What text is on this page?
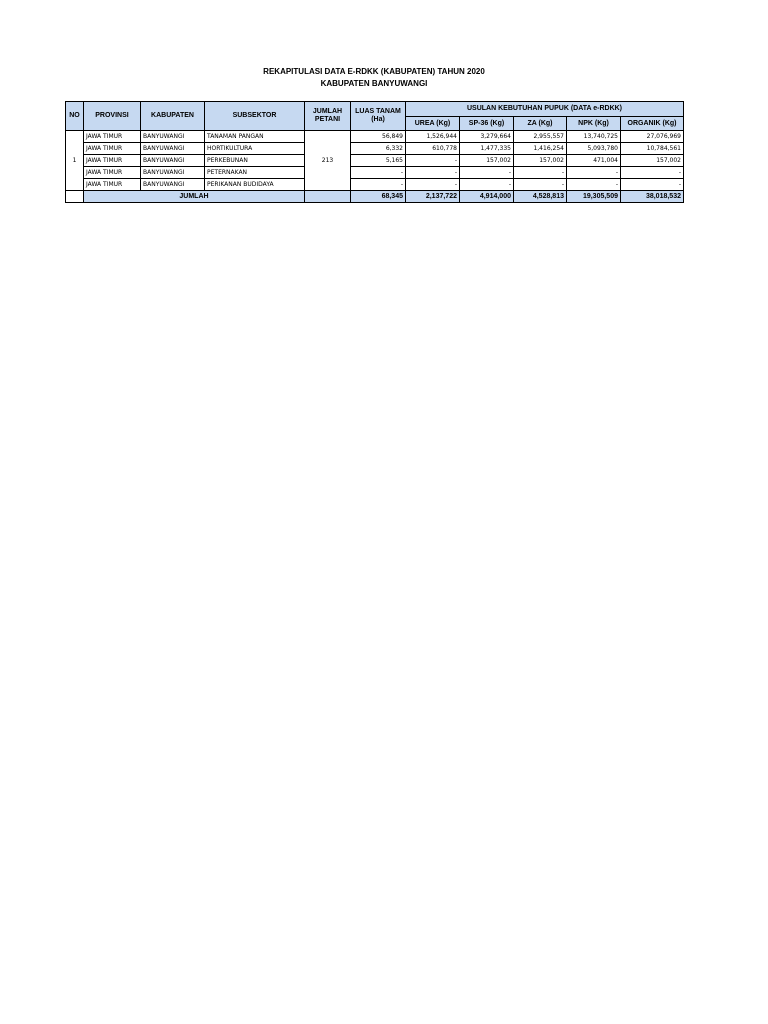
REKAPITULASI DATA E-RDKK (KABUPATEN) TAHUN 2020
KABUPATEN BANYUWANGI
NO	PROVINSI	KABUPATEN	SUBSEKTOR	JUMLAH PETANI	LUAS TANAM (Ha)	USULAN KEBUTUHAN PUPUK (DATA e-RDKK)				
						UREA (Kg)	SP-36 (Kg)	ZA (Kg)	NPK (Kg)	ORGANIK (Kg)
1	JAWA TIMUR	BANYUWANGI	TANAMAN PANGAN	213	56,849	1,526,944	3,279,664	2,955,557	13,740,725	27,076,969
	JAWA TIMUR	BANYUWANGI	HORTIKULTURA		6,332	610,778	1,477,335	1,416,254	5,093,780	10,784,561
	JAWA TIMUR	BANYUWANGI	PERKEBUNAN		5,165	-	157,002	157,002	471,004	157,002
	JAWA TIMUR	BANYUWANGI	PETERNAKAN		-	-	-	-	-	-
	JAWA TIMUR	BANYUWANGI	PERIKANAN BUDIDAYA		-	-	-	-	-	-
	JUMLAH				68,345	2,137,722	4,914,000	4,528,813	19,305,509	38,018,532
